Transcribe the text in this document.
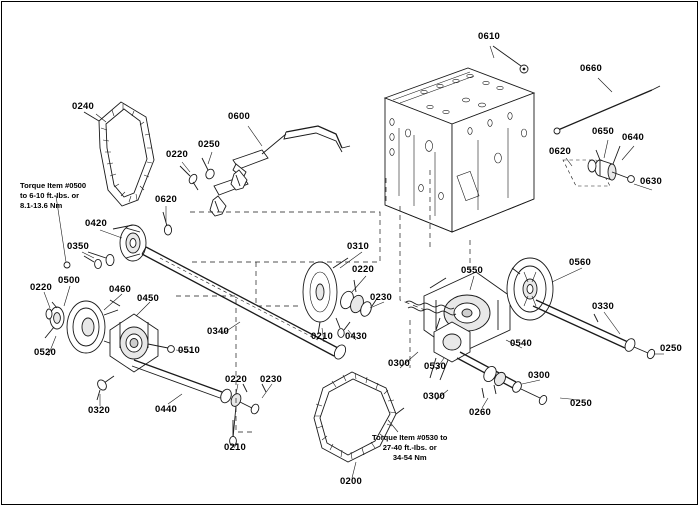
0610
0660
0240
0600
0650
0640
0620
0220
0250
0630
0620
0420
0350	0310
0220	0550
0560
0500
0220	0460
0450	0230
0330
0340	0210 0430
0520
0540	0250
0510
0300 0530
0220 0230	0300
0320	0440
0300
0260
0250
0210
0200
Torque Item #0500
to 6-10 ft.-Ibs. or
8.1-13.6 Nm
Torque Item #0530 to
27-40 ft.-Ibs. or
34-54 Nm
